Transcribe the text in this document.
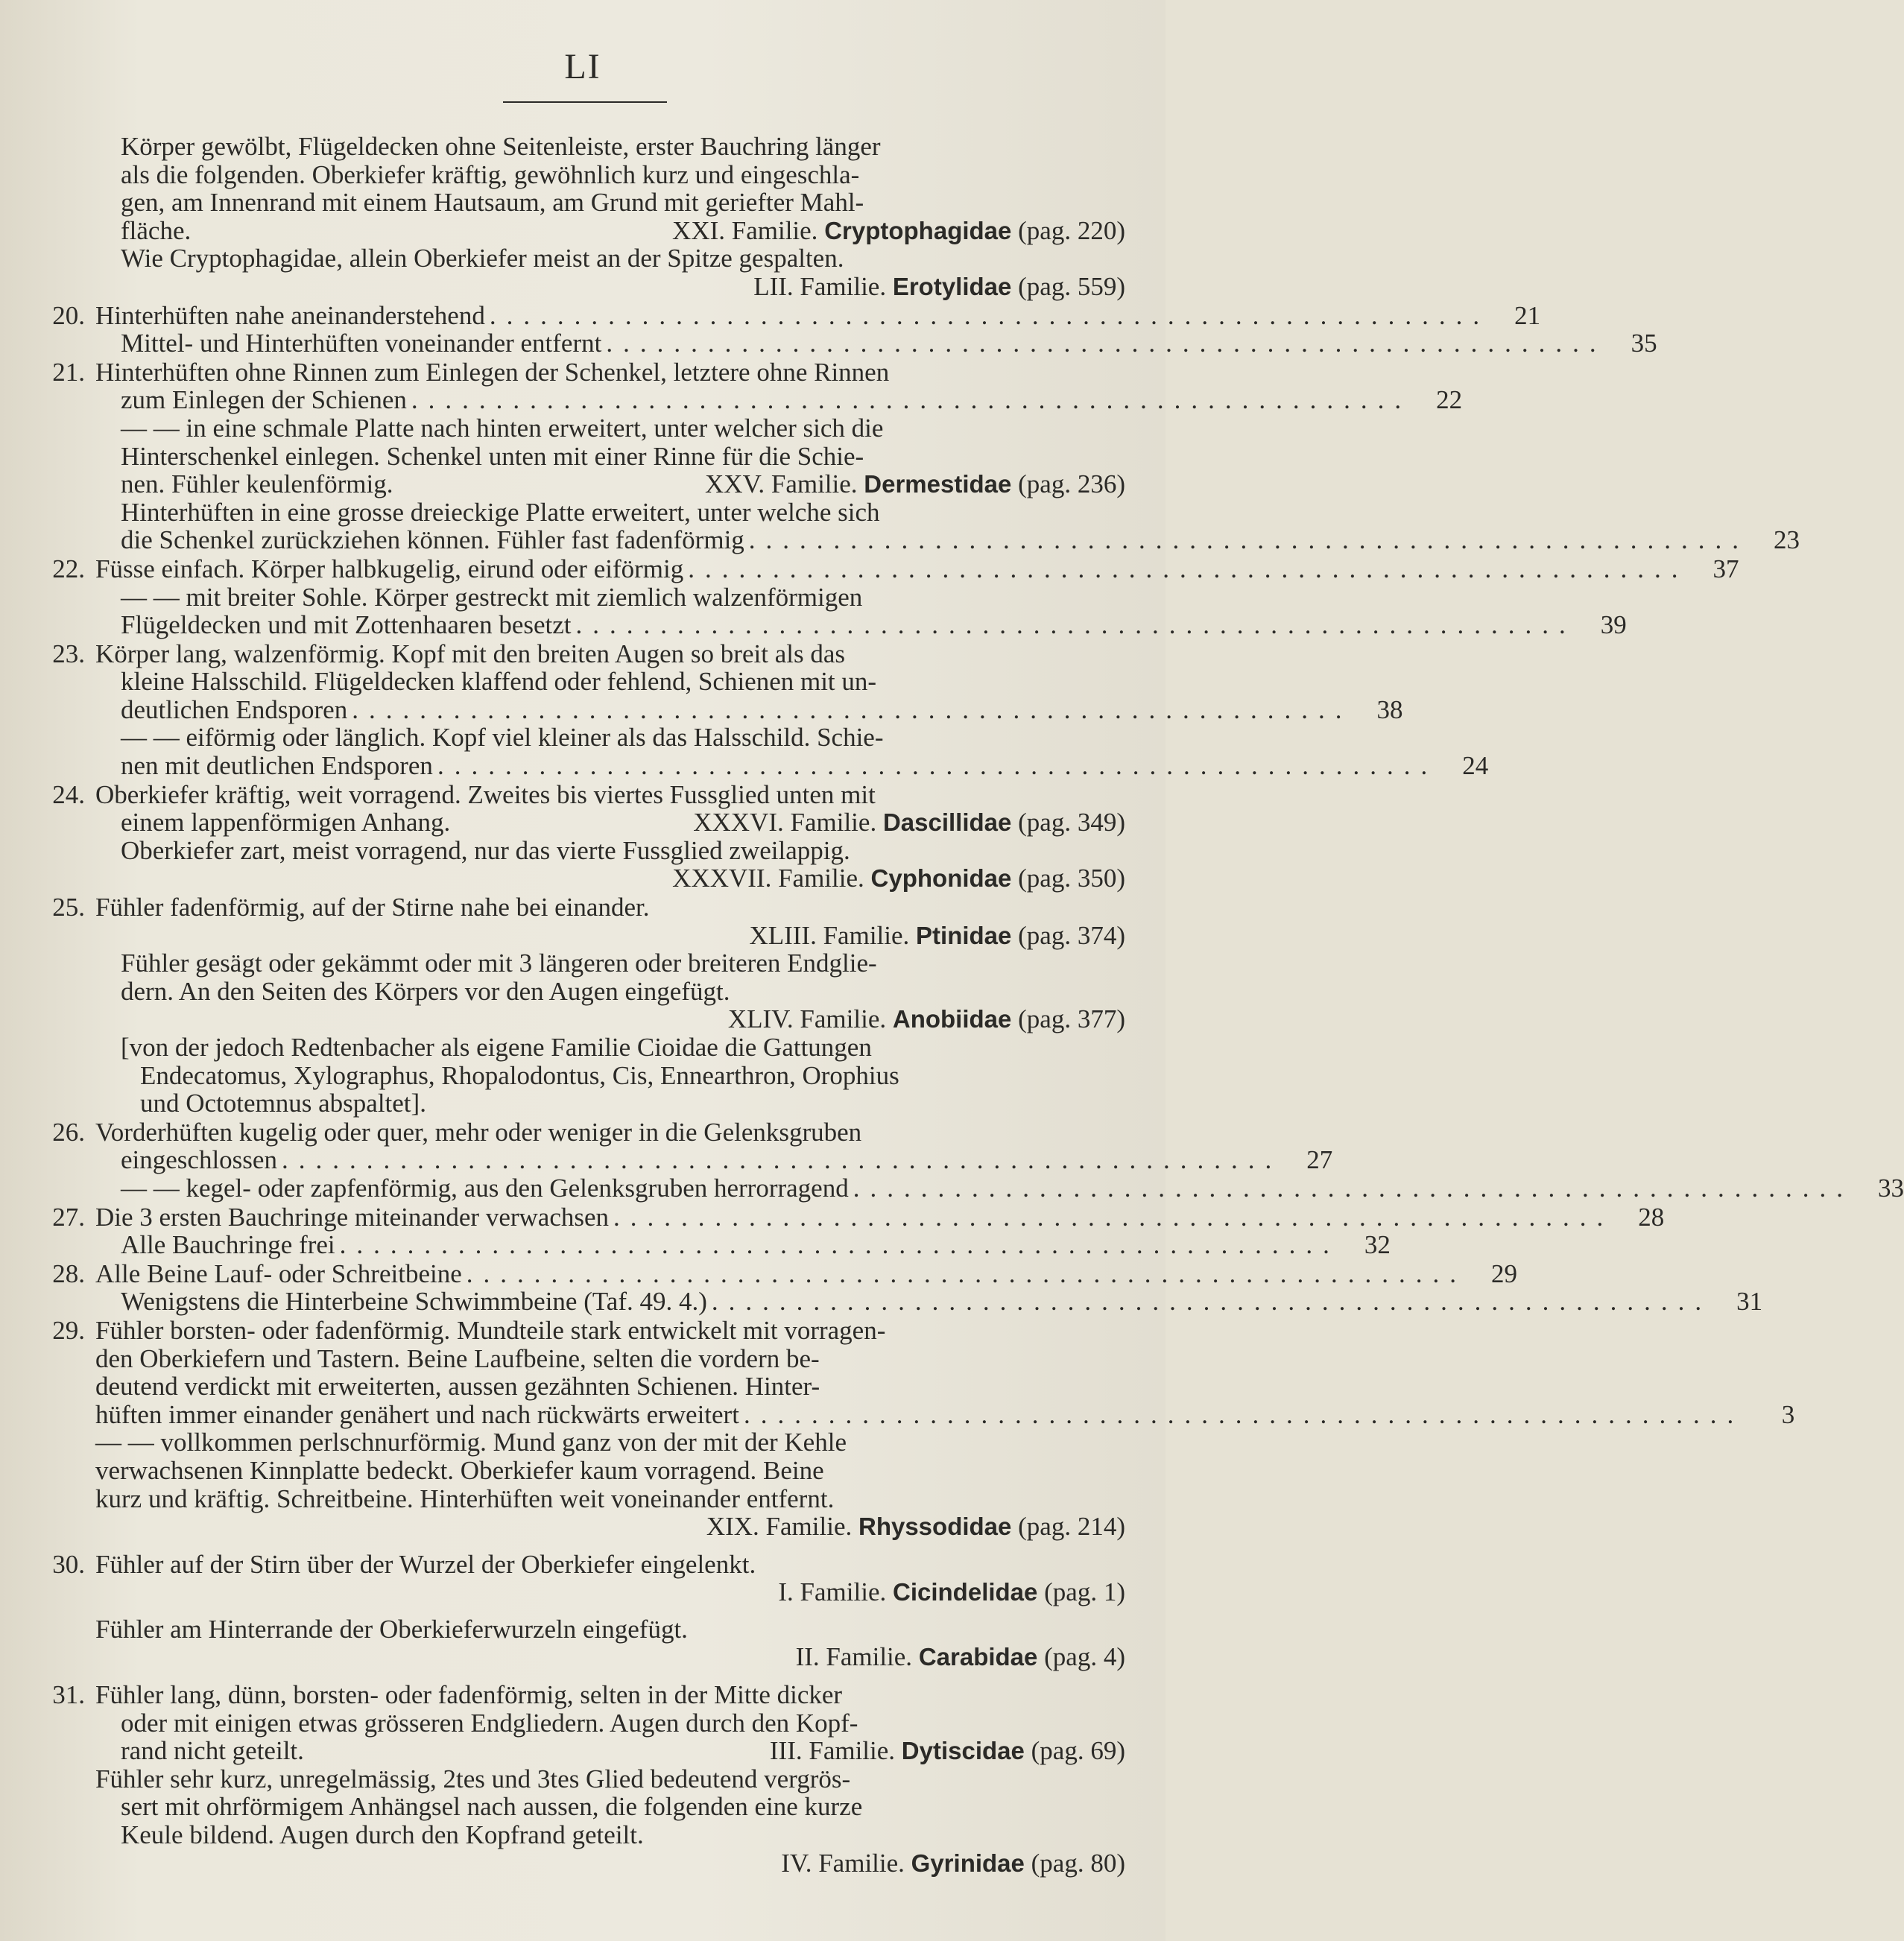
LI
Körper gewölbt, Flügeldecken ohne Seitenleiste, erster Bauchring länger
als die folgenden. Oberkiefer kräftig, gewöhnlich kurz und eingeschla-
gen, am Innenrand mit einem Hautsaum, am Grund mit geriefter Mahl-
fläche.	XXI. Familie. Cryptophagidae (pag. 220)
Wie Cryptophagidae, allein Oberkiefer meist an der Spitze gespalten.
LII. Familie. Erotylidae (pag. 559)
20. Hinterhüften nahe aneinanderstehend ........................................................... 21
Mittel- und Hinterhüften voneinander entfernt ........................................................... 35
21. Hinterhüften ohne Rinnen zum Einlegen der Schenkel, letztere ohne Rinnen
zum Einlegen der Schienen ........................................................... 22
— — in eine schmale Platte nach hinten erweitert, unter welcher sich die
Hinterschenkel einlegen. Schenkel unten mit einer Rinne für die Schie-
nen. Fühler keulenförmig.	XXV. Familie. Dermestidae (pag. 236)
Hinterhüften in eine grosse dreieckige Platte erweitert, unter welche sich
die Schenkel zurückziehen können. Fühler fast fadenförmig ........................................................... 23
22. Füsse einfach. Körper halbkugelig, eirund oder eiförmig ........................................................... 37
— — mit breiter Sohle. Körper gestreckt mit ziemlich walzenförmigen
Flügeldecken und mit Zottenhaaren besetzt ........................................................... 39
23. Körper lang, walzenförmig. Kopf mit den breiten Augen so breit als das
kleine Halsschild. Flügeldecken klaffend oder fehlend, Schienen mit un-
deutlichen Endsporen ........................................................... 38
— — eiförmig oder länglich. Kopf viel kleiner als das Halsschild. Schie-
nen mit deutlichen Endsporen ........................................................... 24
24. Oberkiefer kräftig, weit vorragend. Zweites bis viertes Fussglied unten mit
einem lappenförmigen Anhang.	XXXVI. Familie. Dascillidae (pag. 349)
Oberkiefer zart, meist vorragend, nur das vierte Fussglied zweilappig.
XXXVII. Familie. Cyphonidae (pag. 350)
25. Fühler fadenförmig, auf der Stirne nahe bei einander.
XLIII. Familie. Ptinidae (pag. 374)
Fühler gesägt oder gekämmt oder mit 3 längeren oder breiteren Endglie-
dern. An den Seiten des Körpers vor den Augen eingefügt.
XLIV. Familie. Anobiidae (pag. 377)
[von der jedoch Redtenbacher als eigene Familie Cioidae die Gattungen
Endecatomus, Xylographus, Rhopalodontus, Cis, Ennearthron, Orophius
und Octotemnus abspaltet].
26. Vorderhüften kugelig oder quer, mehr oder weniger in die Gelenksgruben
eingeschlossen ........................................................... 27
— — kegel- oder zapfenförmig, aus den Gelenksgruben herrorragend ........................................................... 33
27. Die 3 ersten Bauchringe miteinander verwachsen ........................................................... 28
Alle Bauchringe frei ........................................................... 32
28. Alle Beine Lauf- oder Schreitbeine ........................................................... 29
Wenigstens die Hinterbeine Schwimmbeine (Taf. 49. 4.) ........................................................... 31
29. Fühler borsten- oder fadenförmig. Mundteile stark entwickelt mit vorragen-
den Oberkiefern und Tastern. Beine Laufbeine, selten die vordern be-
deutend verdickt mit erweiterten, aussen gezähnten Schienen. Hinter-
hüften immer einander genähert und nach rückwärts erweitert ...........................................................	3
— — vollkommen perlschnurförmig. Mund ganz von der mit der Kehle
verwachsenen Kinnplatte bedeckt. Oberkiefer kaum vorragend. Beine
kurz und kräftig. Schreitbeine. Hinterhüften weit voneinander entfernt.
XIX. Familie. Rhyssodidae (pag. 214)
30. Fühler auf der Stirn über der Wurzel der Oberkiefer eingelenkt.
I. Familie. Cicindelidae (pag. 1)
Fühler am Hinterrande der Oberkieferwurzeln eingefügt.
II. Familie. Carabidae (pag. 4)
31. Fühler lang, dünn, borsten- oder fadenförmig, selten in der Mitte dicker
oder mit einigen etwas grösseren Endgliedern. Augen durch den Kopf-
rand nicht geteilt.	III. Familie. Dytiscidae (pag. 69)
Fühler sehr kurz, unregelmässig, 2tes und 3tes Glied bedeutend vergrös-
sert mit ohrförmigem Anhängsel nach aussen, die folgenden eine kurze
Keule bildend. Augen durch den Kopfrand geteilt.
IV. Familie. Gyrinidae (pag. 80)
